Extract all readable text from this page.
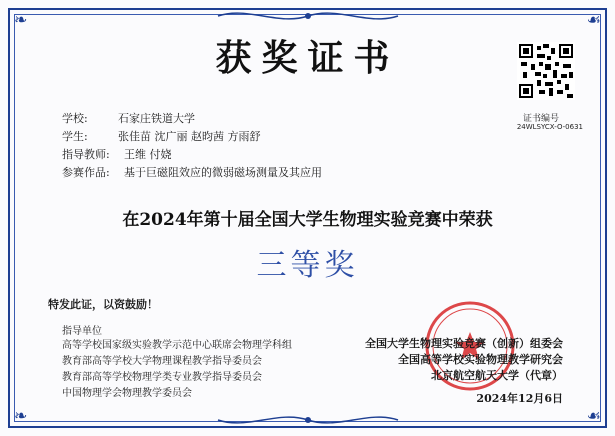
❧	☙
❧	☙
获奖证书
证书编号
24WLSYCX-O-0631
学校:	石家庄铁道大学
学生:	张佳苗 沈广丽 赵昀茜 方雨舒
指导教师:	王维 付娆
参赛作品:	基于巨磁阻效应的微弱磁场测量及其应用
在2024年第十届全国大学生物理实验竞赛中荣获
三等奖
特发此证，以资鼓励！
指导单位
高等学校国家级实验教学示范中心联席会物理学科组
教育部高等学校大学物理课程教学指导委员会
教育部高等学校物理学类专业教学指导委员会
中国物理学会物理教学委员会
全国大学生物理实验竞赛（创新）组委会
全国高等学校实验物理教学研究会
北京航空航天大学（代章）
2024年12月6日
